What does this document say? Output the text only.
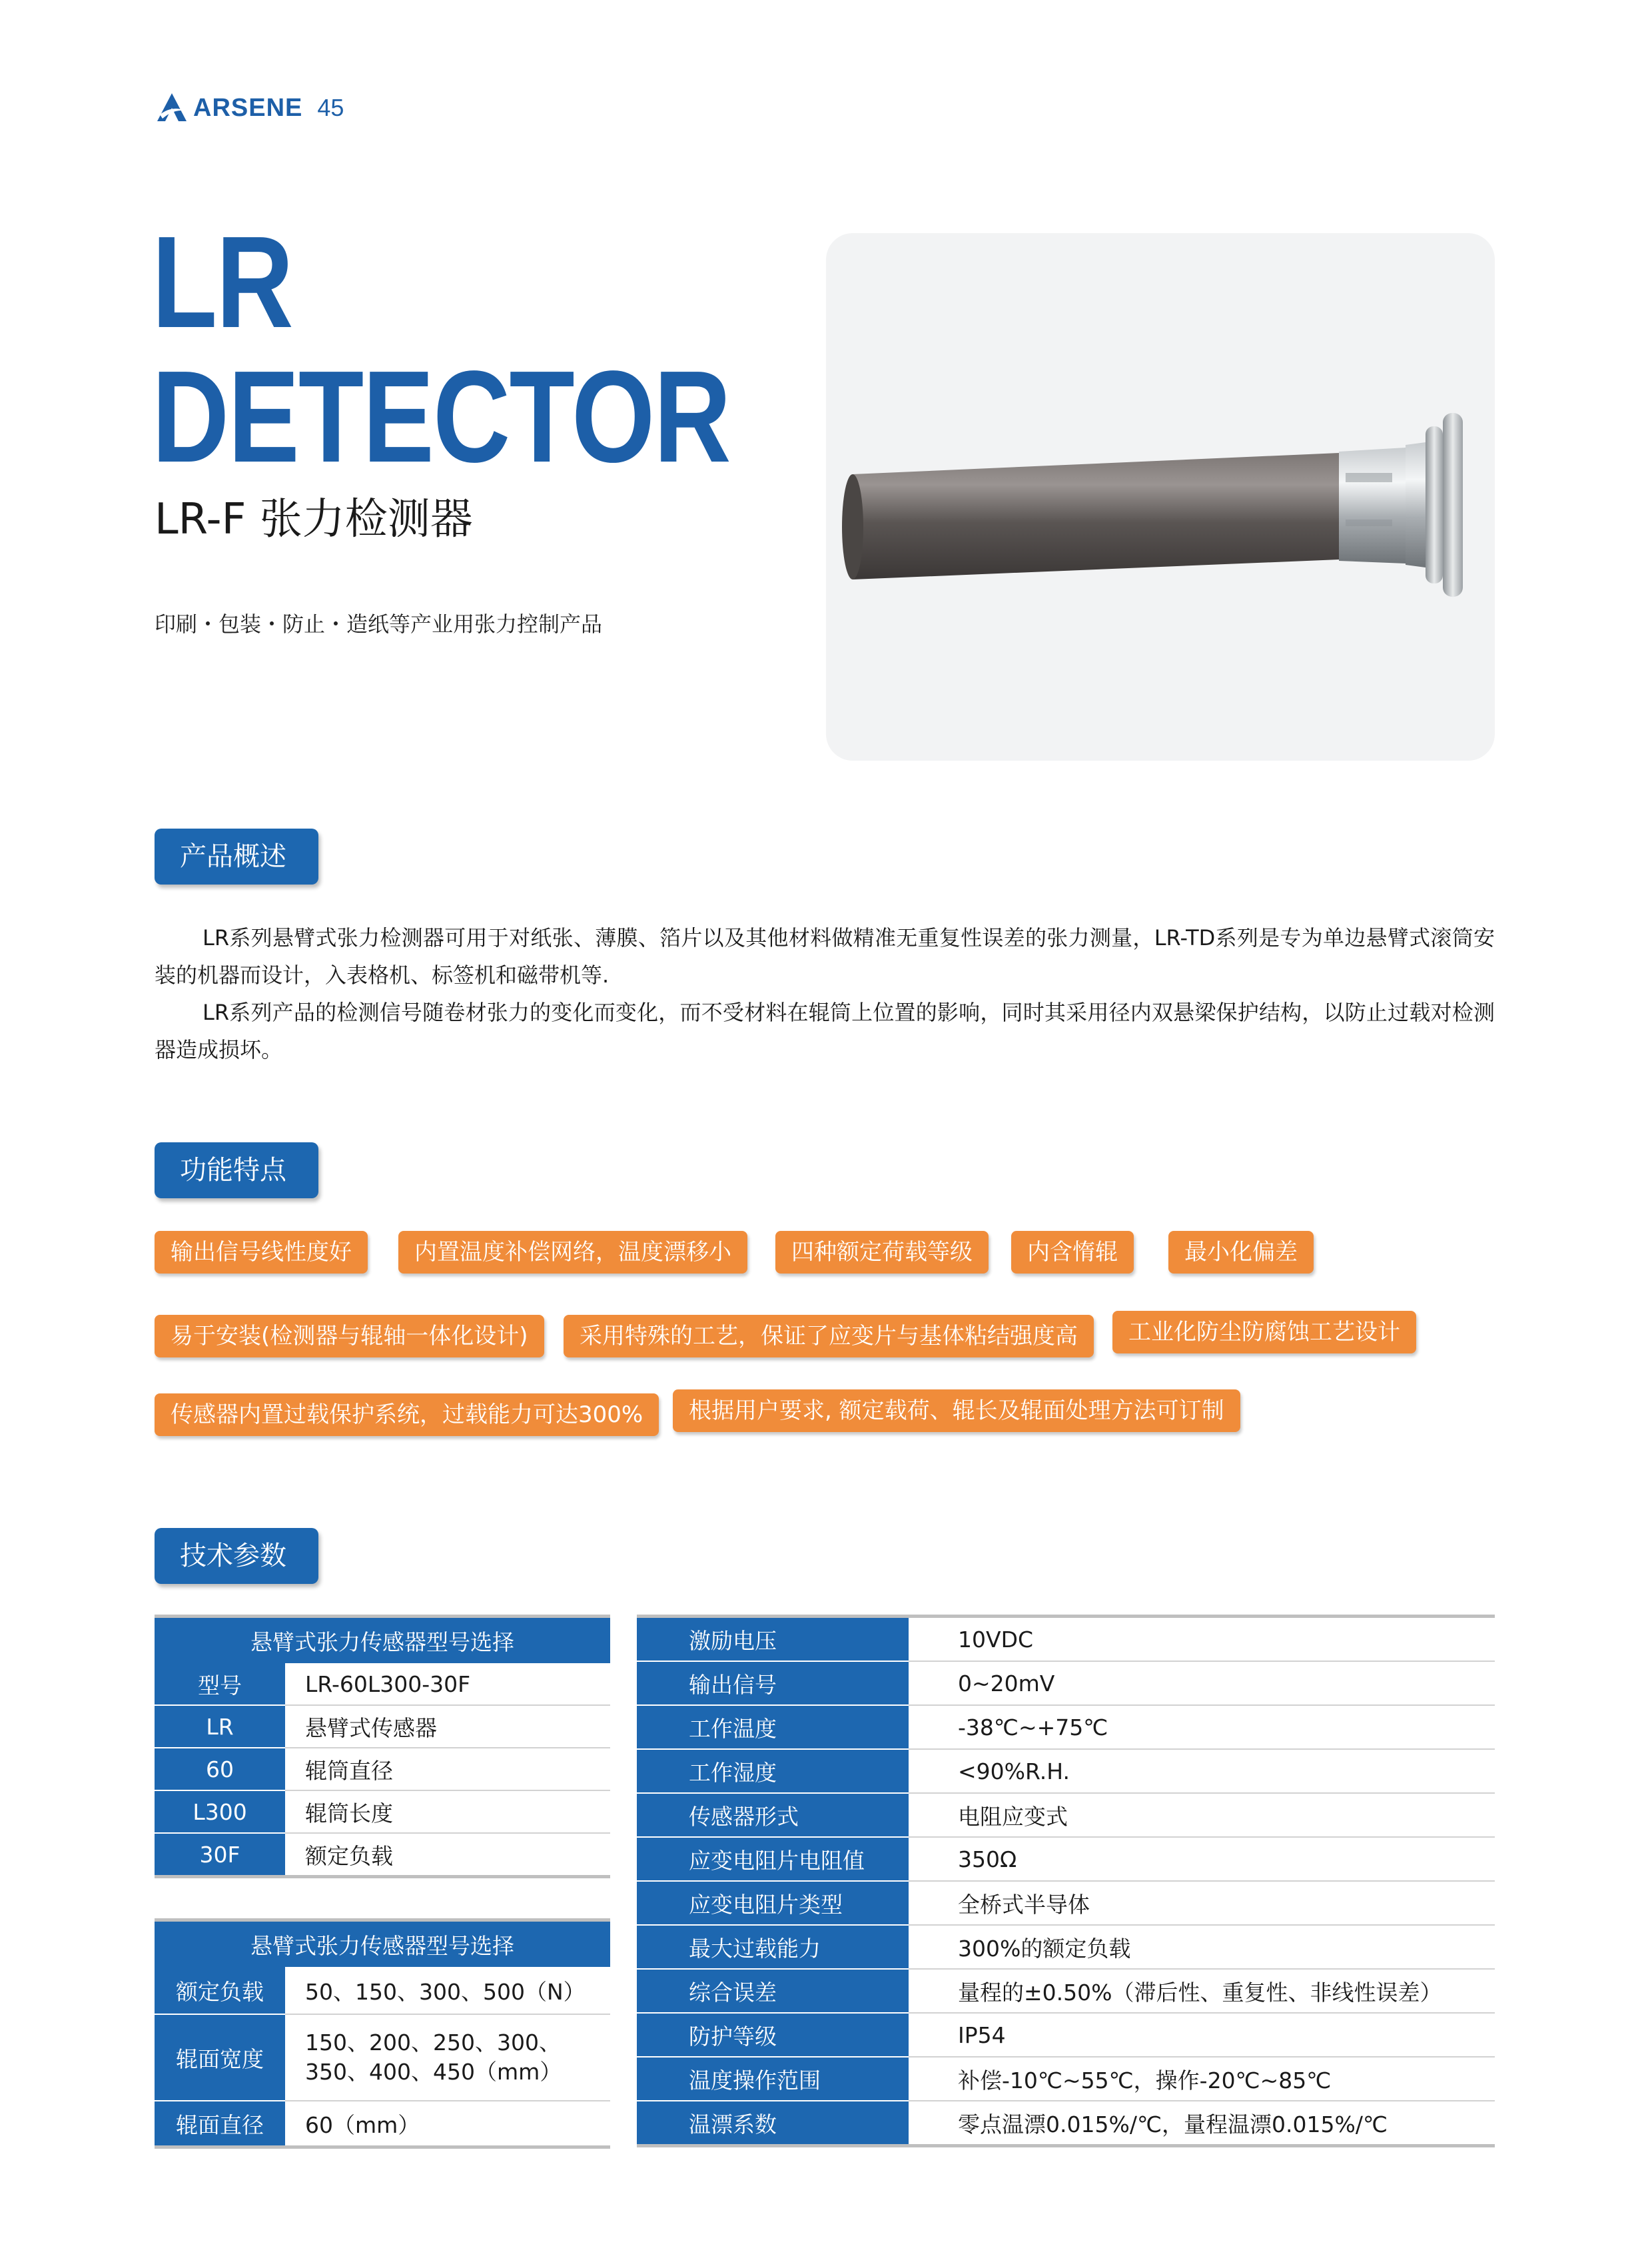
ARSENE 45
LR
DETECTOR
LR-F 张力检测器
印刷・包装・防止・造纸等产业用张力控制产品
产品概述
LR系列悬臂式张力检测器可用于对纸张、薄膜、箔片以及其他材料做精准无重复性误差的张力测量，LR-TD系列是专为单边悬臂式滚筒安装的机器而设计，入表格机、标签机和磁带机等.
LR系列产品的检测信号随卷材张力的变化而变化，而不受材料在辊筒上位置的影响，同时其采用径内双悬梁保护结构，以防止过载对检测器造成损坏。
功能特点
输出信号线性度好	内置温度补偿网络，温度漂移小	四种额定荷载等级	内含惰辊	最小化偏差
易于安装(检测器与辊轴一体化设计)	采用特殊的工艺，保证了应变片与基体粘结强度高	工业化防尘防腐蚀工艺设计
传感器内置过载保护系统，过载能力可达300%	根据用户要求, 额定载荷、辊长及辊面处理方法可订制
技术参数
悬臂式张力传感器型号选择	
型号	LR-60L300-30F
LR	悬臂式传感器
60	辊筒直径
L300	辊筒长度
30F	额定负载
悬臂式张力传感器型号选择	
额定负载	50、150、300、500（N）
辊面宽度	150、200、250、300、
350、400、450（mm）

辊面直径	60（mm）
激励电压	10VDC
输出信号	0~20mV
工作温度	-38℃~+75℃
工作湿度	<90%R.H.
传感器形式	电阻应变式
应变电阻片电阻值	350Ω
应变电阻片类型	全桥式半导体
最大过载能力	300%的额定负载
综合误差	量程的±0.50%（滞后性、重复性、非线性误差）
防护等级	IP54
温度操作范围	补偿-10℃~55℃，操作-20℃~85℃
温漂系数	零点温漂0.015%/℃，量程温漂0.015%/℃
